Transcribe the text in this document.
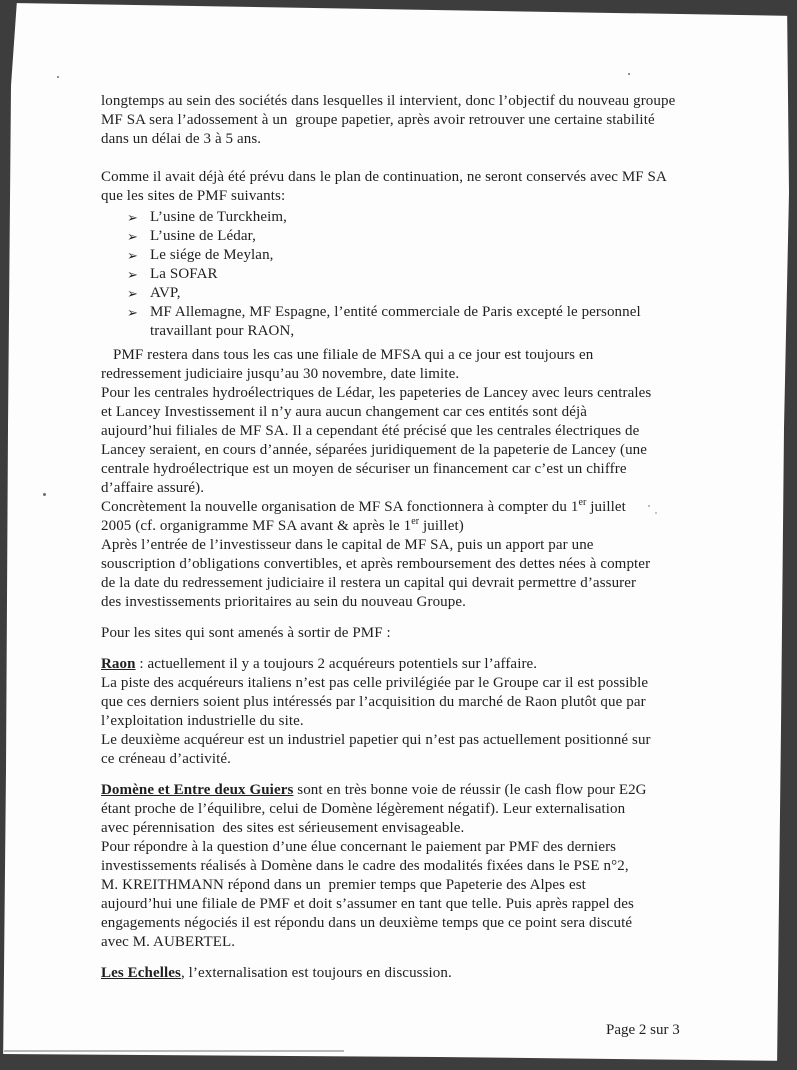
longtemps au sein des sociétés dans lesquelles il intervient, donc l’objectif du nouveau groupe
MF SA sera l’adossement à un  groupe papetier, après avoir retrouver une certaine stabilité
dans un délai de 3 à 5 ans.
Comme il avait déjà été prévu dans le plan de continuation, ne seront conservés avec MF SA
que les sites de PMF suivants:
➢ L’usine de Turckheim,
➢ L’usine de Lédar,
➢ Le siége de Meylan,
➢ La SOFAR
➢ AVP,
➢ MF Allemagne, MF Espagne, l’entité commerciale de Paris excepté le personnel travaillant pour RAON,
PMF restera dans tous les cas une filiale de MFSA qui a ce jour est toujours en
redressement judiciaire jusqu’au 30 novembre, date limite.
Pour les centrales hydroélectriques de Lédar, les papeteries de Lancey avec leurs centrales
et Lancey Investissement il n’y aura aucun changement car ces entités sont déjà
aujourd’hui filiales de MF SA. Il a cependant été précisé que les centrales électriques de
Lancey seraient, en cours d’année, séparées juridiquement de la papeterie de Lancey (une
centrale hydroélectrique est un moyen de sécuriser un financement car c’est un chiffre
d’affaire assuré).
Concrètement la nouvelle organisation de MF SA fonctionnera à compter du 1er juillet
2005 (cf. organigramme MF SA avant & après le 1er juillet)
Après l’entrée de l’investisseur dans le capital de MF SA, puis un apport par une
souscription d’obligations convertibles, et après remboursement des dettes nées à compter
de la date du redressement judiciaire il restera un capital qui devrait permettre d’assurer
des investissements prioritaires au sein du nouveau Groupe.
Pour les sites qui sont amenés à sortir de PMF :
Raon : actuellement il y a toujours 2 acquéreurs potentiels sur l’affaire.
La piste des acquéreurs italiens n’est pas celle privilégiée par le Groupe car il est possible
que ces derniers soient plus intéressés par l’acquisition du marché de Raon plutôt que par
l’exploitation industrielle du site.
Le deuxième acquéreur est un industriel papetier qui n’est pas actuellement positionné sur
ce créneau d’activité.
Domène et Entre deux Guiers sont en très bonne voie de réussir (le cash flow pour E2G
étant proche de l’équilibre, celui de Domène légèrement négatif). Leur externalisation
avec pérennisation  des sites est sérieusement envisageable.
Pour répondre à la question d’une élue concernant le paiement par PMF des derniers
investissements réalisés à Domène dans le cadre des modalités fixées dans le PSE n°2,
M. KREITHMANN répond dans un  premier temps que Papeterie des Alpes est
aujourd’hui une filiale de PMF et doit s’assumer en tant que telle. Puis après rappel des
engagements négociés il est répondu dans un deuxième temps que ce point sera discuté
avec M. AUBERTEL.
Les Echelles, l’externalisation est toujours en discussion.
Page 2 sur 3
